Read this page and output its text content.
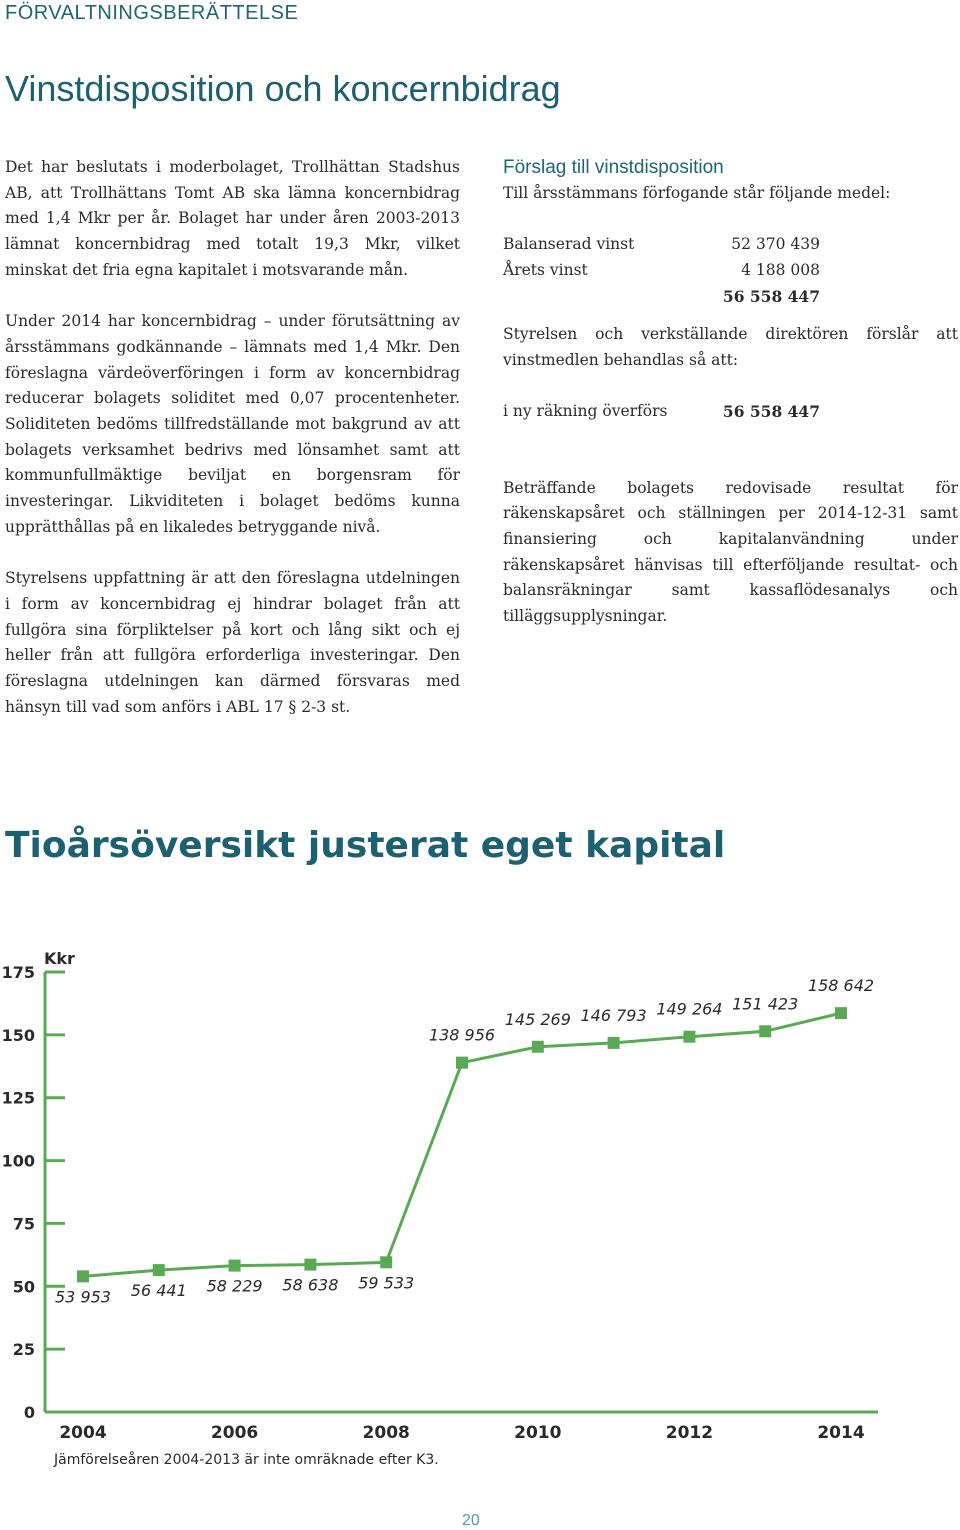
FÖRVALTNINGSBERÄTTELSE
Vinstdisposition och koncernbidrag

Det har beslutats i moderbolaget, Trollhättan Stadshus AB, att Trollhättans Tomt AB ska lämna koncernbidrag med 1,4 Mkr per år. Bolaget har under åren 2003-2013 lämnat koncernbidrag med totalt 19,3 Mkr, vilket minskat det fria egna kapitalet i motsvarande mån.

Under 2014 har koncernbidrag – under förutsättning av årsstämmans godkännande – lämnats med 1,4 Mkr. Den föreslagna värdeöverföringen i form av koncernbidrag reducerar bolagets soliditet med 0,07 procentenheter. Soliditeten bedöms tillfredställande mot bakgrund av att bolagets verksamhet bedrivs med lönsamhet samt att kommunfullmäktige beviljat en borgensram för investeringar. Likviditeten i bolaget bedöms kunna upprätthållas på en likaledes betryggande nivå.

Styrelsens uppfattning är att den föreslagna utdelningen i form av koncernbidrag ej hindrar bolaget från att fullgöra sina förpliktelser på kort och lång sikt och ej heller från att fullgöra erforderliga investeringar. Den föreslagna utdelningen kan därmed försvaras med hänsyn till vad som anförs i ABL 17 § 2-3 st.

Förslag till vinstdisposition
Till årsstämmans förfogande står följande medel:
Balanserad vinst	52 370 439
Årets vinst	4 188 008
56 558 447

Styrelsen och verkställande direktören förslår att vinstmedlen behandlas så att:

i ny räkning överförs	56 558 447

Beträffande bolagets redovisade resultat för räkenskapsåret och ställningen per 2014-12-31 samt finansiering och kapitalanvändning under räkenskapsåret hänvisas till efterföljande resultat- och balansräkningar samt kassaflödesanalys och tilläggsupplysningar.

Tioårsöversikt justerat eget kapital
0
25
50
75
100
125
150
175
Kkr
2004	2006	2008	2010	2012	2014
53 953 56 441 58 229 58 638 59 533
138 956
145 269 146 793 149 264 151 423
158 642
Jämförelseåren 2004-2013 är inte omräknade efter K3.
20
